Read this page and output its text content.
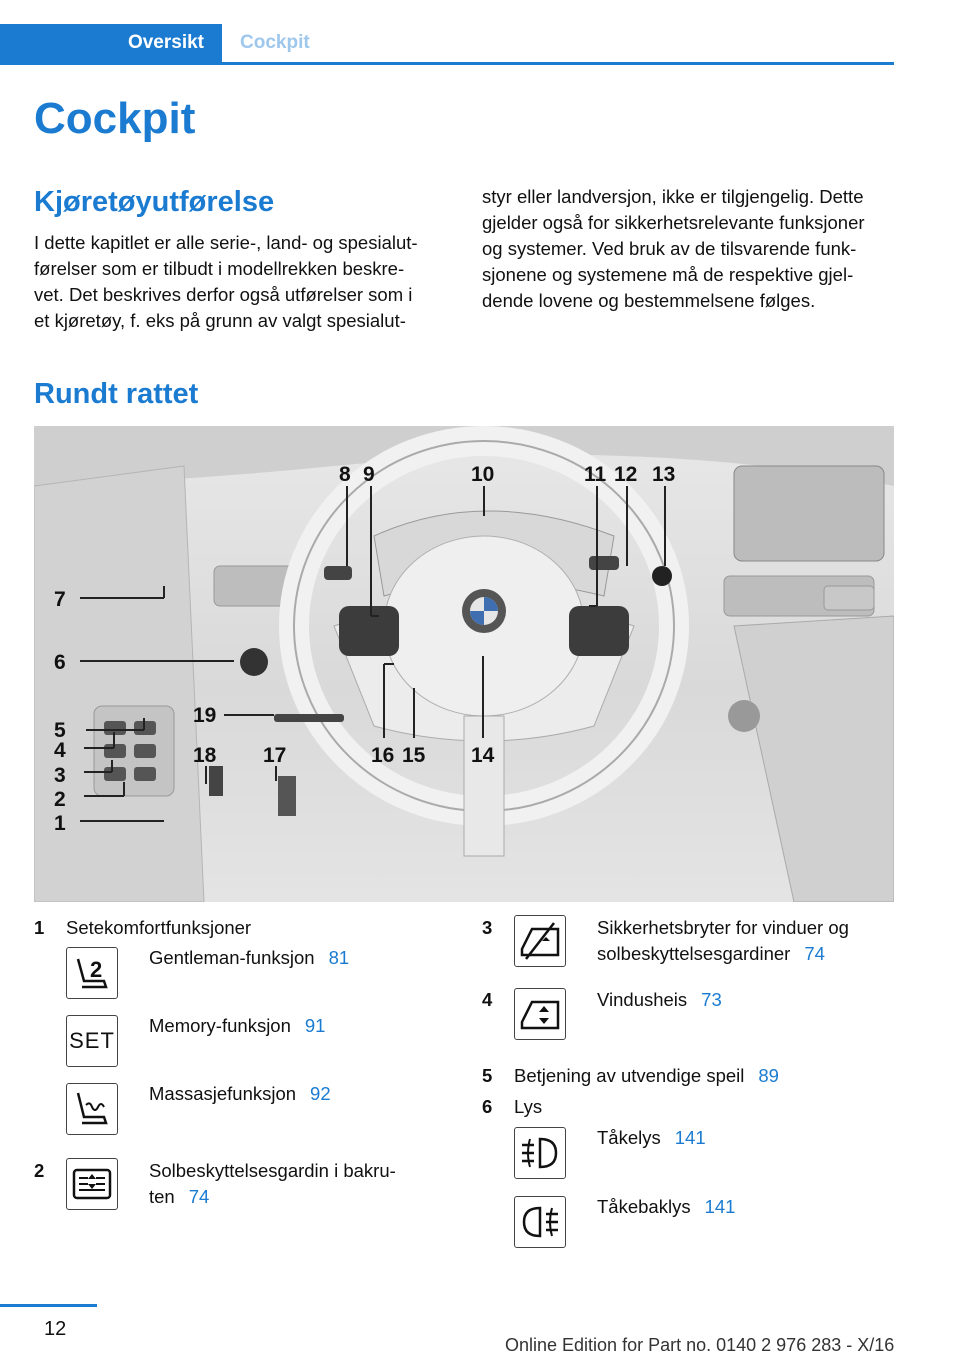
Oversikt	Cockpit
Cockpit
Kjøretøyutførelse
I dette kapitlet er alle serie-, land- og spesialut-
førelser som er tilbudt i modellrekken beskre-
vet. Det beskrives derfor også utførelser som i
et kjøretøy, f. eks på grunn av valgt spesialut-
styr eller landversjon, ikke er tilgjengelig. Dette
gjelder også for sikkerhetsrelevante funksjoner
og systemer. Ved bruk av de tilsvarende funk-
sjonene og systemene må de respektive gjel-
dende lovene og bestemmelsene følges.
Rundt rattet
1
2
3
4
5
6
7
8 9	10	11 12 13
14
15
16
17
18
19
1 Setekomfortfunksjoner
2	Gentleman-funksjon 81
SET
Memory-funksjon 91
Massasjefunksjon 92
2	Solbeskyttelsesgardin i bakru-
ten 74
3	Sikkerhetsbryter for vinduer og
solbeskyttelsesgardiner 74
4	Vindusheis 73
5 Betjening av utvendige speil 89
6 Lys
Tåkelys 141
Tåkebaklys 141
12
Online Edition for Part no. 0140 2 976 283 - X/16
